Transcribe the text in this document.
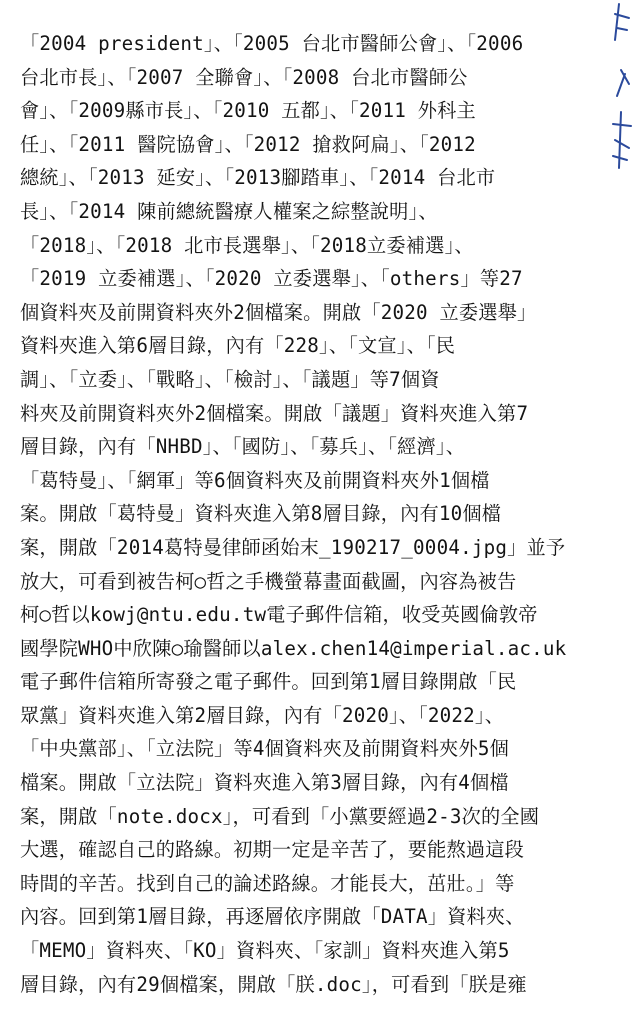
「2004 president」、「2005 台北市醫師公會」、「2006
台北市長」、「2007 全聯會」、「2008 台北市醫師公
會」、「2009縣市長」、「2010 五都」、「2011 外科主
任」、「2011 醫院協會」、「2012 搶救阿扁」、「2012
總統」、「2013 延安」、「2013腳踏車」、「2014 台北市
長」、「2014 陳前總統醫療人權案之綜整說明」、
「2018」、「2018 北市長選舉」、「2018立委補選」、
「2019 立委補選」、「2020 立委選舉」、「others」等27
個資料夾及前開資料夾外2個檔案。開啟「2020 立委選舉」
資料夾進入第6層目錄，內有「228」、「文宣」、「民
調」、「立委」、「戰略」、「檢討」、「議題」等7個資
料夾及前開資料夾外2個檔案。開啟「議題」資料夾進入第7
層目錄，內有「NHBD」、「國防」、「募兵」、「經濟」、
「葛特曼」、「網軍」等6個資料夾及前開資料夾外1個檔
案。開啟「葛特曼」資料夾進入第8層目錄，內有10個檔
案，開啟「2014葛特曼律師函始末_190217_0004.jpg」並予
放大，可看到被告柯○哲之手機螢幕畫面截圖，內容為被告
柯○哲以kowj@ntu.edu.tw電子郵件信箱，收受英國倫敦帝
國學院WHO中欣陳○瑜醫師以alex.chen14@imperial.ac.uk
電子郵件信箱所寄發之電子郵件。回到第1層目錄開啟「民
眾黨」資料夾進入第2層目錄，內有「2020」、「2022」、
「中央黨部」、「立法院」等4個資料夾及前開資料夾外5個
檔案。開啟「立法院」資料夾進入第3層目錄，內有4個檔
案，開啟「note.docx」，可看到「小黨要經過2-3次的全國
大選，確認自己的路線。初期一定是辛苦了，要能熬過這段
時間的辛苦。找到自己的論述路線。才能長大，茁壯。」等
內容。回到第1層目錄，再逐層依序開啟「DATA」資料夾、
「MEMO」資料夾、「KO」資料夾、「家訓」資料夾進入第5
層目錄，內有29個檔案，開啟「朕.doc」，可看到「朕是雍
